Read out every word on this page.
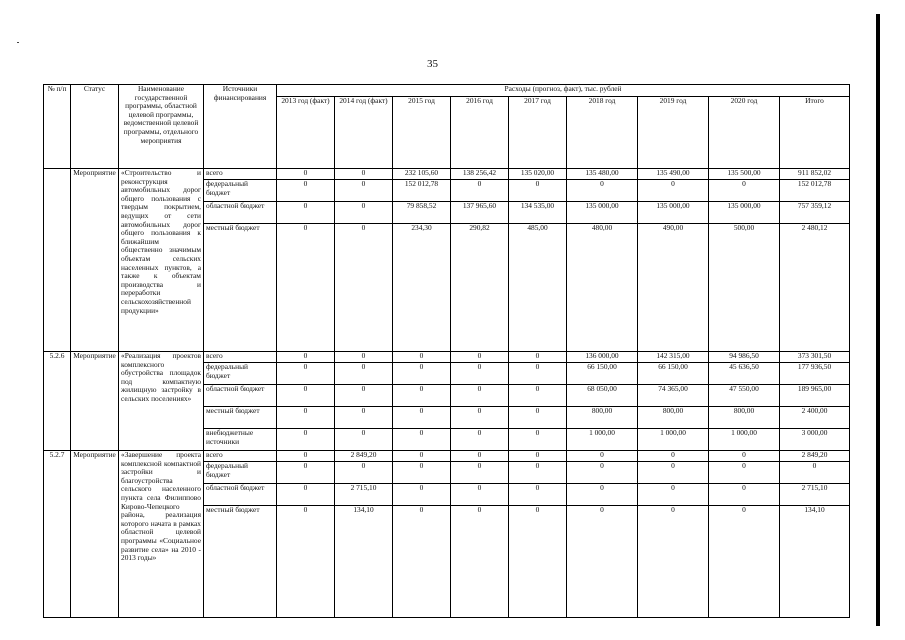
35
№ п/п	Статус	Наименование государственной программы, областной целевой программы, ведомственной целевой программы, отдельного мероприятия	Источники финансирования	Расходы (прогноз, факт), тыс. рублей								
				2013 год (факт)	2014 год (факт)	2015 год	2016 год	2017 год	2018 год	2019 год	2020 год	Итого
	Мероприятие	«Строительство и реконструкция автомобильных дорог общего пользования с твердым покрытием, ведущих от сети автомобильных дорог общего пользования к ближайшим общественно значимым объектам сельских населенных пунктов, а также к объектам производства и переработки сельскохозяйственной продукции»	всего	0	0	232 105,60	138 256,42	135 020,00	135 480,00	135 490,00	135 500,00	911 852,02
			федеральный бюджет	0	0	152 012,78	0	0	0	0	0	152 012,78
			областной бюджет	0	0	79 858,52	137 965,60	134 535,00	135 000,00	135 000,00	135 000,00	757 359,12
			местный бюджет	0	0	234,30	290,82	485,00	480,00	490,00	500,00	2 480,12
5.2.6	Мероприятие	«Реализация проектов комплексного обустройства площадок под компактную жилищную застройку в сельских поселениях»	всего	0	0	0	0	0	136 000,00	142 315,00	94 986,50	373 301,50
			федеральный бюджет	0	0	0	0	0	66 150,00	66 150,00	45 636,50	177 936,50
			областной бюджет	0	0	0	0	0	68 050,00	74 365,00	47 550,00	189 965,00
			местный бюджет	0	0	0	0	0	800,00	800,00	800,00	2 400,00
			внебюджетные источники	0	0	0	0	0	1 000,00	1 000,00	1 000,00	3 000,00
5.2.7	Мероприятие	«Завершение проекта комплексной компактной застройки и благоустройства сельского населенного пункта села Филипповo Кирово-Чепецкого района, реализация которого начата в рамках областной целевой программы «Социальное развитие села» на 2010 - 2013 годы»	всего	0	2 849,20	0	0	0	0	0	0	2 849,20
			федеральный бюджет	0	0	0	0	0	0	0	0	0
			областной бюджет	0	2 715,10	0	0	0	0	0	0	2 715,10
			местный бюджет	0	134,10	0	0	0	0	0	0	134,10
